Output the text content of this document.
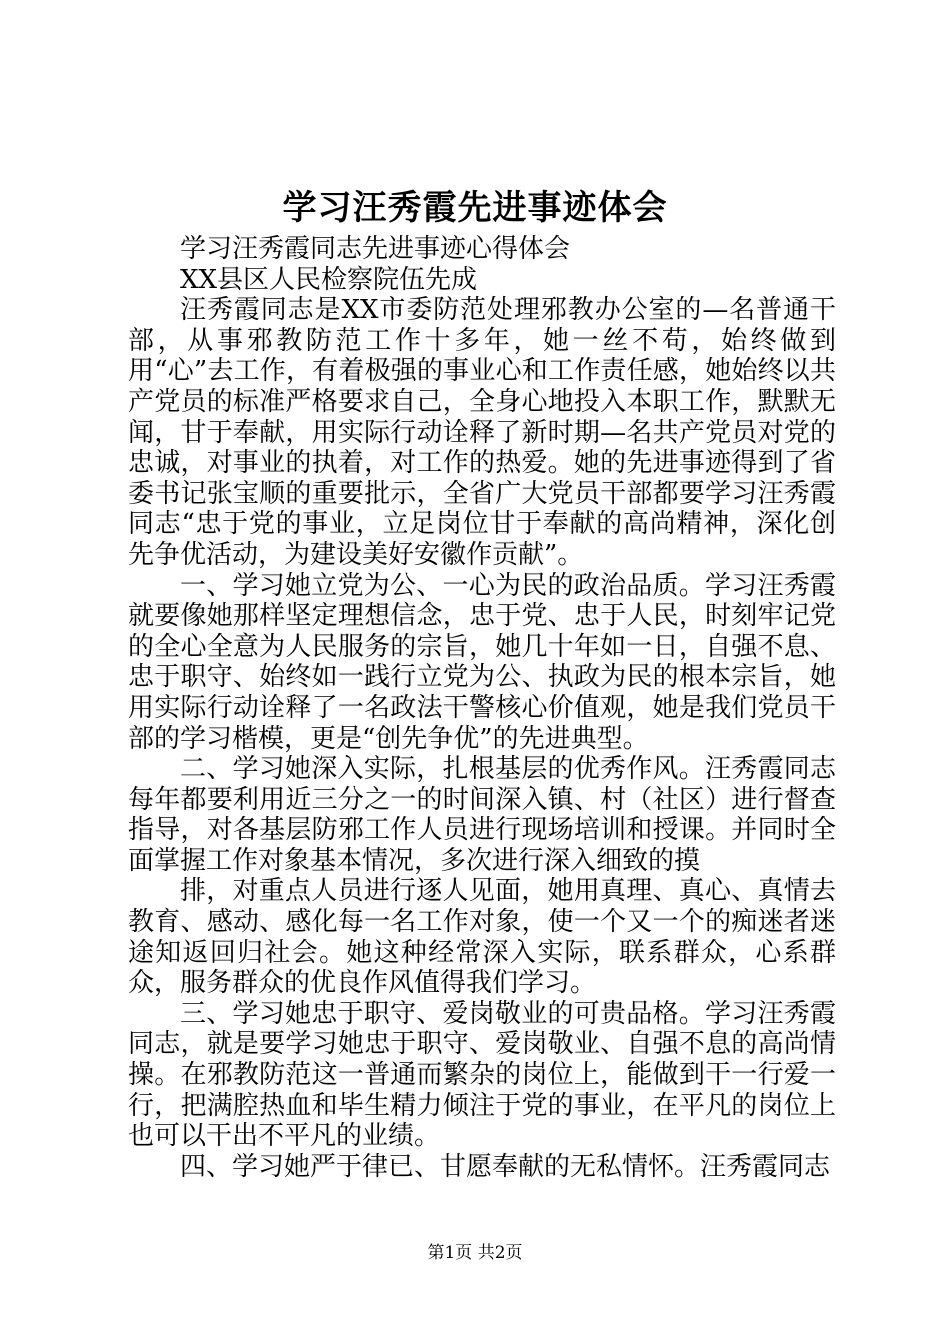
学习汪秀霞先进事迹体会

学习汪秀霞同志先进事迹心得体会

XX县区人民检察院伍先成

汪秀霞同志是XX市委防范处理邪教办公室的—名普通干部，从事邪教防范工作十多年，她一丝不苟，始终做到用“心”去工作，有着极强的事业心和工作责任感，她始终以共产党员的标准严格要求自己，全身心地投入本职工作，默默无闻，甘于奉献，用实际行动诠释了新时期—名共产党员对党的忠诚，对事业的执着，对工作的热爱。她的先进事迹得到了省委书记张宝顺的重要批示，全省广大党员干部都要学习汪秀霞同志“忠于党的事业，立足岗位甘于奉献的高尚精神，深化创先争优活动，为建设美好安徽作贡献”。

一、学习她立党为公、一心为民的政治品质。学习汪秀霞就要像她那样坚定理想信念，忠于党、忠于人民，时刻牢记党的全心全意为人民服务的宗旨，她几十年如一日，自强不息、忠于职守、始终如一践行立党为公、执政为民的根本宗旨，她用实际行动诠释了一名政法干警核心价值观，她是我们党员干部的学习楷模，更是“创先争优”的先进典型。

二、学习她深入实际，扎根基层的优秀作风。汪秀霞同志每年都要利用近三分之一的时间深入镇、村（社区）进行督查指导，对各基层防邪工作人员进行现场培训和授课。并同时全面掌握工作对象基本情况，多次进行深入细致的摸

排，对重点人员进行逐人见面，她用真理、真心、真情去教育、感动、感化每一名工作对象，使一个又一个的痴迷者迷途知返回归社会。她这种经常深入实际，联系群众，心系群众，服务群众的优良作风值得我们学习。

三、学习她忠于职守、爱岗敬业的可贵品格。学习汪秀霞同志，就是要学习她忠于职守、爱岗敬业、自强不息的高尚情操。在邪教防范这一普通而繁杂的岗位上，能做到干一行爱一行，把满腔热血和毕生精力倾注于党的事业，在平凡的岗位上也可以干出不平凡的业绩。

四、学习她严于律已、甘愿奉献的无私情怀。汪秀霞同志

第1页 共2页
